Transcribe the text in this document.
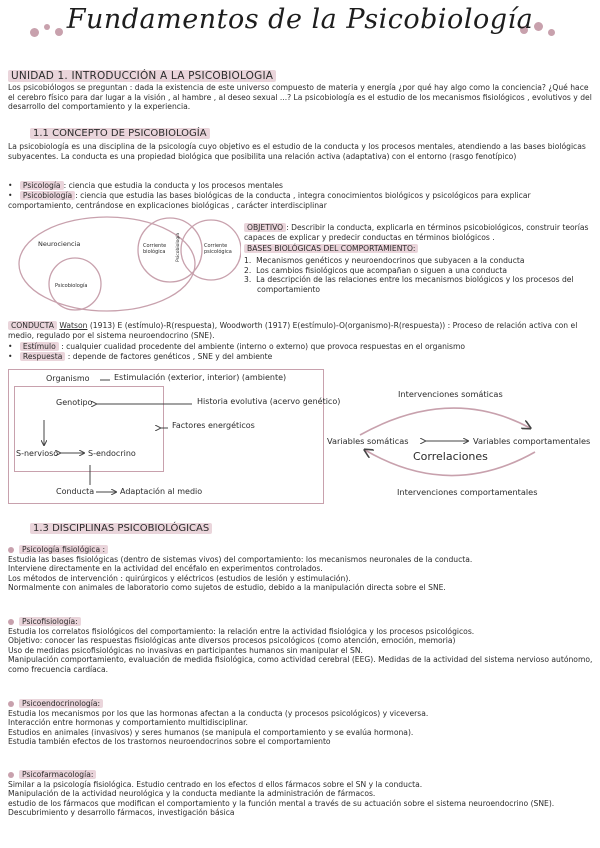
Fundamentos de la Psicobiología
UNIDAD 1. INTRODUCCIÓN A LA PSICOBIOLOGIA
Los psicobiólogos se preguntan : dada la existencia de este universo compuesto de materia y energía ¿por qué hay algo como la conciencia? ¿Qué hace el cerebro físico para dar lugar a la visión , al hambre , al deseo sexual ...? La psicobiología es el estudio de los mecanismos fisiológicos , evolutivos y del desarrollo del comportamiento y la experiencia.
1.1 CONCEPTO DE PSICOBIOLOGÍA
La psicobiología es una disciplina de la psicología cuyo objetivo es el estudio de la conducta y los procesos mentales, atendiendo a las bases biológicas subyacentes. La conducta es una propiedad biológica que posibilita una relación activa (adaptativa) con el entorno (rasgo fenotípico)
• Psicología : ciencia que estudia la conducta y los procesos mentales
• Psicobiología : ciencia que estudia las bases biológicas de la conducta , integra conocimientos biológicos y psicológicos para explicar comportamiento, centrándose en explicaciones biológicas , carácter interdisciplinar
Neurociencia
Psicobiología
Corriente biológica
Corriente psicológica
Psicobiología
OBJETIVO : Describir la conducta, explicarla en términos psicobiológicos, construir teorías capaces de explicar y predecir conductas en términos biológicos .
BASES BIOLÓGICAS DEL COMPORTAMIENTO:
1.  Mecanismos genéticos y neuroendocrinos que subyacen a la conducta
2.  Los cambios fisiológicos que acompañan o siguen a una conducta
3.  La descripción de las relaciones entre los mecanismos biológicos y los procesos del comportamiento
CONDUCTA Watson (1913) E (estímulo)-R(respuesta), Woodworth (1917) E(estímulo)-O(organismo)-R(respuesta)) : Proceso de relación activa con el medio, regulado por el sistema neuroendocrino (SNE).
• Estímulo : cualquier cualidad procedente del ambiente (interno o externo) que provoca respuestas en el organismo
• Respuesta : depende de factores genéticos , SNE y del ambiente
Organismo	Estimulación (exterior, interior) (ambiente)
Genotipo	Historia evolutiva (acervo genético)
Factores energéticos
S-nervioso	S-endocrino
Conducta	Adaptación al medio
Intervenciones somáticas
Variables somáticas	Variables comportamentales
Correlaciones
Intervenciones comportamentales
1.3 DISCIPLINAS PSICOBIOLÓGICAS
Psicología fisiológica :
Estudia las bases fisiológicas (dentro de sistemas vivos) del comportamiento: los mecanismos neuronales de la conducta.
Interviene directamente en la actividad del encéfalo en experimentos controlados.
Los métodos de intervención : quirúrgicos y eléctricos (estudios de lesión y estimulación).
Normalmente con animales de laboratorio como sujetos de estudio, debido a la manipulación directa sobre el SNE.
Psicofisiología:
Estudia los correlatos fisiológicos del comportamiento: la relación entre la actividad fisiológica y los procesos psicológicos.
Objetivo: conocer las respuestas fisiológicas ante diversos procesos psicológicos (como atención, emoción, memoria)
Uso de medidas psicofisiológicas no invasivas en participantes humanos sin manipular el SN.
Manipulación comportamiento, evaluación de medida fisiológica, como actividad cerebral (EEG). Medidas de la actividad del sistema nervioso autónomo, como frecuencia cardíaca.
Psicoendocrinología:
Estudia los mecanismos por los que las hormonas afectan a la conducta (y procesos psicológicos) y viceversa.
Interacción entre hormonas y comportamiento multidisciplinar.
Estudios en animales (invasivos) y seres humanos (se manipula el comportamiento y se evalúa hormona).
Estudia también efectos de los trastornos neuroendocrinos sobre el comportamiento
Psicofarmacología:
Similar a la psicología fisiológica. Estudio centrado en los efectos d ellos fármacos sobre el SN y la conducta.
Manipulación de la actividad neurológica y la conducta mediante la administración de fármacos.
estudio de los fármacos que modifican el comportamiento y la función mental a través de su actuación sobre el sistema neuroendocrino (SNE).
Descubrimiento y desarrollo fármacos, investigación básica
